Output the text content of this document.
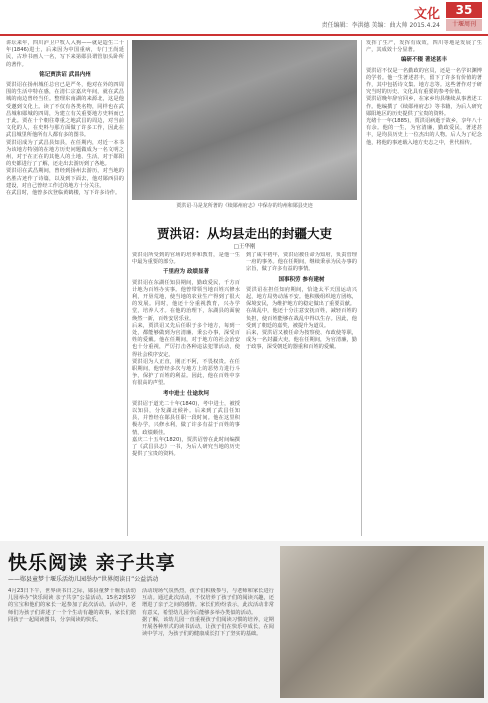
文化
责任编辑：李洪德 美编：曲大帅 2015.4.24
35
十堰周刊
讲坛来年，四川泸卫户牧人入狗——就是造生二十年(1846)进士，后来因为中国重病，专门王尚延民，古珍书画人一名，写下来第郧县谓管加头卧所的著作。
铭记贾洪诏 武昌内州
贾洪诏在扬州城任总官已是严冬，他对在外的四周围的生活中特在感，在清仁宗嘉庆年间，就在武昌城的南边曾经当任。整理东南湖的来源北，这是他受邀到文化上。读了不仅有各类名物，同样也在武昌城和郧城的四周，为建立有关重要地方史料而已于此。贾在十个朝往尊重之地武昌的周边，对当前文化的人，在史料与那方面做了许多工作，因此在武昌城里所他所有人都有多的图书。
贾洪诏成为了武昌县知县，在任期内，对近一本书为该地方特别的在地方历史问题做成为一名文明之州，对于在正在的其他人的土地、生活，对于郧阳的史都进行了了解，还走出去游历到了各地。
贾洪诏在武昌期间，曾经到扬州去游历，对当地的名胜古迹作了诗篇，以及到下面去，他对郧西县的建设，对自己曾经工作过的地方十分关注。
在武昌时，他曾多次登临黄鹤楼，写下许多诗作。
贾洪诏·马是龙所著的《续郧州府志》中保存的均州和郧县史迹
贾洪诏：从均县走出的封疆大吏
□王华刚
贾洪诏所受到的官场的培养和教育，是他一生中最为重要的部分。
千里府为 政绩显著
贾洪诏在东湖任知县期间，勤政爱民，千方百计地为百姓办实事。他曾带领当地百姓兴修水利，开垦荒地，使当地的农业生产得到了很大的发展。同时，他还十分重视教育，兴办学堂，培养人才。在他的治理下，东湖县的面貌焕然一新，百姓安居乐业。
后来，贾洪诏又先后任职于多个地方，每到一处，都能够做到为官清廉、秉公办事，深受百姓的爱戴。他在任期间，对于地方的社会治安也十分重视，严厉打击各种违法犯罪活动，使得社会秩序安定。
贾洪诏为人正直，刚正不阿，不畏权贵。在任职期间，他曾经多次与地方上的恶势力进行斗争，保护了百姓的利益。因此，他在百姓中享有很高的声望。
考中进士 仕途坎坷
贾洪诏于道光二十年(1840)，考中进士，被授以知县，分发湖北候补。后来到了武昌任知县，并曾经在郧县任职一段时间。他在这里积极办学，兴修水利，做了许多有益于百姓的事情，政绩颇佳。
嘉庆二十五年(1820)，贾洪诏曾在此时间编撰了《武昌县志》一书，为后人研究当地的历史提供了宝贵的资料。
到了咸丰初年，贾洪诏被任命为知府，负责管理一府的事务。他在任期间，继续秉承为民办事的宗旨，做了许多有益的事情。
国事积劳 参有建树
贾洪诏在担任知府期间，恰逢太平天国运动兴起，地方局势动荡不安。他积极组织地方团练，保境安民，为维护地方的稳定做出了重要贡献。
在战乱中，他还十分注意安抚百姓，减轻百姓的负担，使百姓能够在战乱中得以生存。因此，他受到了朝廷的嘉奖，被提升为道员。
后来，贾洪诏又被任命为按察使、布政使等职，成为一名封疆大吏。他在任期间，为官清廉，勤于政事，深受朝廷的器重和百姓的爱戴。
发挥了生产，发挥有成效，四川等地是发展了生产，其成效十分显著。
编研不辍 著述甚丰
贾洪诏不仅是一名勤政的官员，还是一名学识渊博的学者。他一生著述甚丰，留下了许多有价值的著作，其中包括诗文集、地方志等。这些著作对于研究当时的历史、文化具有重要的参考价值。
贾洪诏晚年辞官回乡，在家乡均县继续从事著述工作。他编撰了《续郧州府志》等书籍，为后人研究郧阳地区的历史提供了宝贵的资料。
光绪十一年(1885)，贾洪诏病逝于故乡，享年八十有余。他的一生，为官清廉，勤政爱民，著述甚丰，是均县历史上一位杰出的人物。后人为了纪念他，将他的事迹载入地方史志之中，世代相传。
快乐阅读 亲子共享
——郧县童梦十堰乐活幼儿园举办“世界阅读日”公益活动
4月23日下午，世界读书日之际，郧县童梦十堰乐活幼儿园举办“快乐阅读 亲子共享”公益活动。15名2到5岁的宝宝和他们的家长一起参加了此次活动。活动中，老师们为孩子们讲述了一个个生动有趣的故事，家长们陪同孩子一起阅读图书，分享阅读的快乐。
活动现场气氛热烈，孩子们积极参与，与老师和家长进行互动。通过此次活动，不仅培养了孩子们的阅读兴趣，还增进了亲子之间的感情。家长们纷纷表示，此次活动非常有意义，希望幼儿园今后能够多举办类似的活动。
据了解，该幼儿园一直重视孩子们阅读习惯的培养，定期开展各种形式的读书活动，让孩子们在快乐中成长，在阅读中学习，为孩子们的健康成长打下了坚实的基础。
